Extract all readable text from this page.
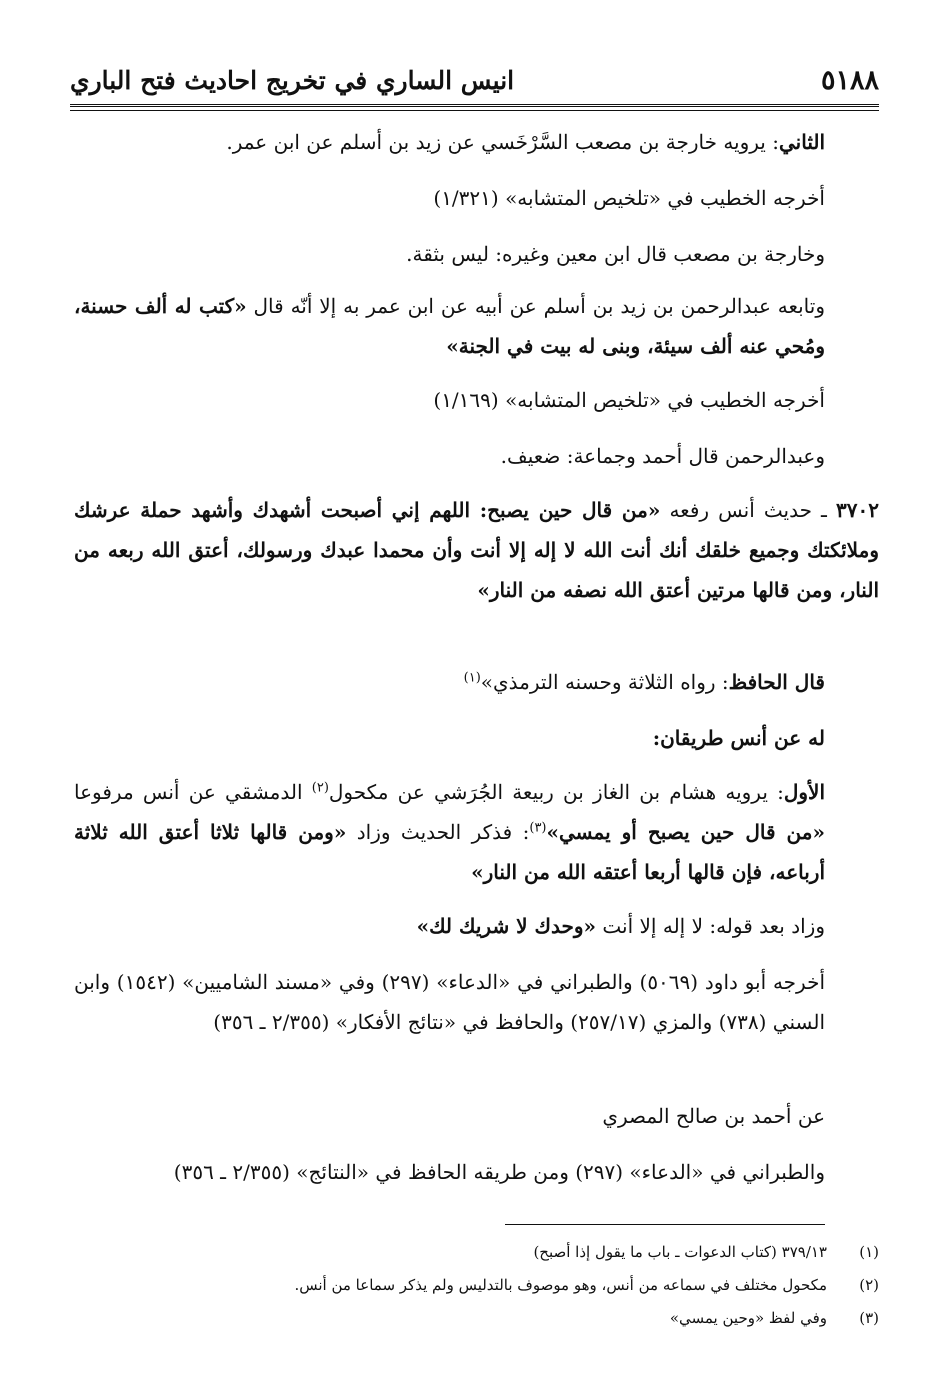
٥١٨٨
انيس الساري في تخريج احاديث فتح الباري

الثاني: يرويه خارجة بن مصعب السَّرْخَسي عن زيد بن أسلم عن ابن عمر.

أخرجه الخطيب في «تلخيص المتشابه» (١/٣٢١)

وخارجة بن مصعب قال ابن معين وغيره: ليس بثقة.

وتابعه عبدالرحمن بن زيد بن أسلم عن أبيه عن ابن عمر به إلا أنّه قال «كتب له ألف حسنة، ومُحي عنه ألف سيئة، وبنى له بيت في الجنة»

أخرجه الخطيب في «تلخيص المتشابه» (١/١٦٩)

وعبدالرحمن قال أحمد وجماعة: ضعيف.

٣٧٠٢ ـ حديث أنس رفعه «من قال حين يصبح: اللهم إني أصبحت أشهدك وأشهد حملة عرشك وملائكتك وجميع خلقك أنك أنت الله لا إله إلا أنت وأن محمدا عبدك ورسولك، أعتق الله ربعه من النار، ومن قالها مرتين أعتق الله نصفه من النار»

قال الحافظ: رواه الثلاثة وحسنه الترمذي»$^{(١)}$

له عن أنس طريقان:

الأول: يرويه هشام بن الغاز بن ربيعة الجُرَشي عن مكحول$^{(٢)}$ الدمشقي عن أنس مرفوعا «من قال حين يصبح أو يمسي»$^{(٣)}$: فذكر الحديث وزاد «ومن قالها ثلاثا أعتق الله ثلاثة أرباعه، فإن قالها أربعا أعتقه الله من النار»

وزاد بعد قوله: لا إله إلا أنت «وحدك لا شريك لك»

أخرجه أبو داود (٥٠٦٩) والطبراني في «الدعاء» (٢٩٧) وفي «مسند الشاميين» (١٥٤٢) وابن السني (٧٣٨) والمزي (٢٥٧/١٧) والحافظ في «نتائج الأفكار» (٢/٣٥٥ ـ ٣٥٦)

عن أحمد بن صالح المصري

والطبراني في «الدعاء» (٢٩٧) ومن طريقه الحافظ في «النتائج» (٢/٣٥٥ ـ ٣٥٦)

(١)
٣٧٩/١٣ (كتاب الدعوات ـ باب ما يقول إذا أصبح)
(٢)
مكحول مختلف في سماعه من أنس، وهو موصوف بالتدليس ولم يذكر سماعا من أنس.
(٣)
وفي لفظ «وحين يمسي»
